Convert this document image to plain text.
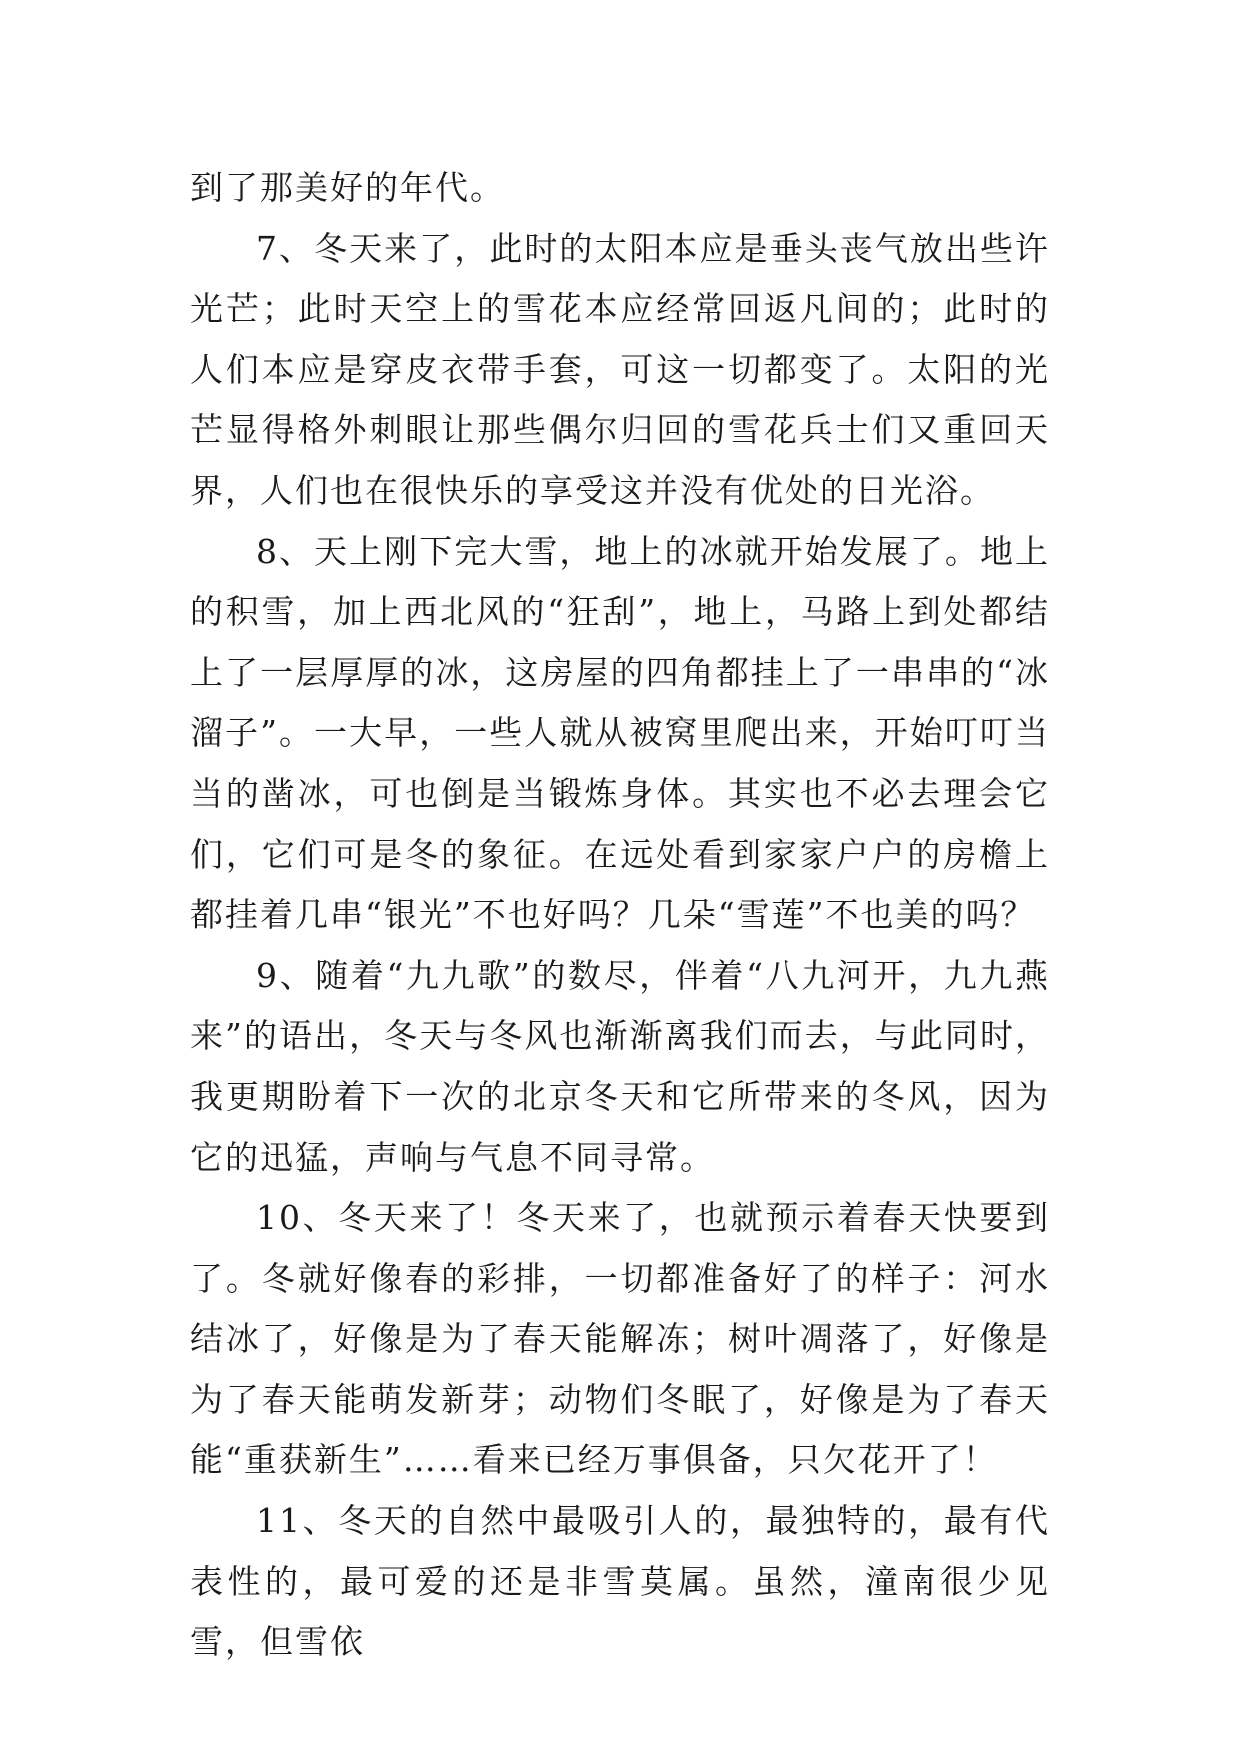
到了那美好的年代。

7、冬天来了，此时的太阳本应是垂头丧气放出些许光芒；此时天空上的雪花本应经常回返凡间的；此时的人们本应是穿皮衣带手套，可这一切都变了。太阳的光芒显得格外刺眼让那些偶尔归回的雪花兵士们又重回天界，人们也在很快乐的享受这并没有优处的日光浴。

8、天上刚下完大雪，地上的冰就开始发展了。地上的积雪，加上西北风的“狂刮”，地上，马路上到处都结上了一层厚厚的冰，这房屋的四角都挂上了一串串的“冰溜子”。一大早，一些人就从被窝里爬出来，开始叮叮当当的凿冰，可也倒是当锻炼身体。其实也不必去理会它们，它们可是冬的象征。在远处看到家家户户的房檐上都挂着几串“银光”不也好吗？几朵“雪莲”不也美的吗？

9、随着“九九歌”的数尽，伴着“八九河开，九九燕来”的语出，冬天与冬风也渐渐离我们而去，与此同时，我更期盼着下一次的北京冬天和它所带来的冬风，因为它的迅猛，声响与气息不同寻常。

10、冬天来了！冬天来了，也就预示着春天快要到了。冬就好像春的彩排，一切都准备好了的样子：河水结冰了，好像是为了春天能解冻；树叶凋落了，好像是为了春天能萌发新芽；动物们冬眠了，好像是为了春天能“重获新生”……看来已经万事俱备，只欠花开了！

11、冬天的自然中最吸引人的，最独特的，最有代表性的，最可爱的还是非雪莫属。虽然，潼南很少见雪，但雪依
